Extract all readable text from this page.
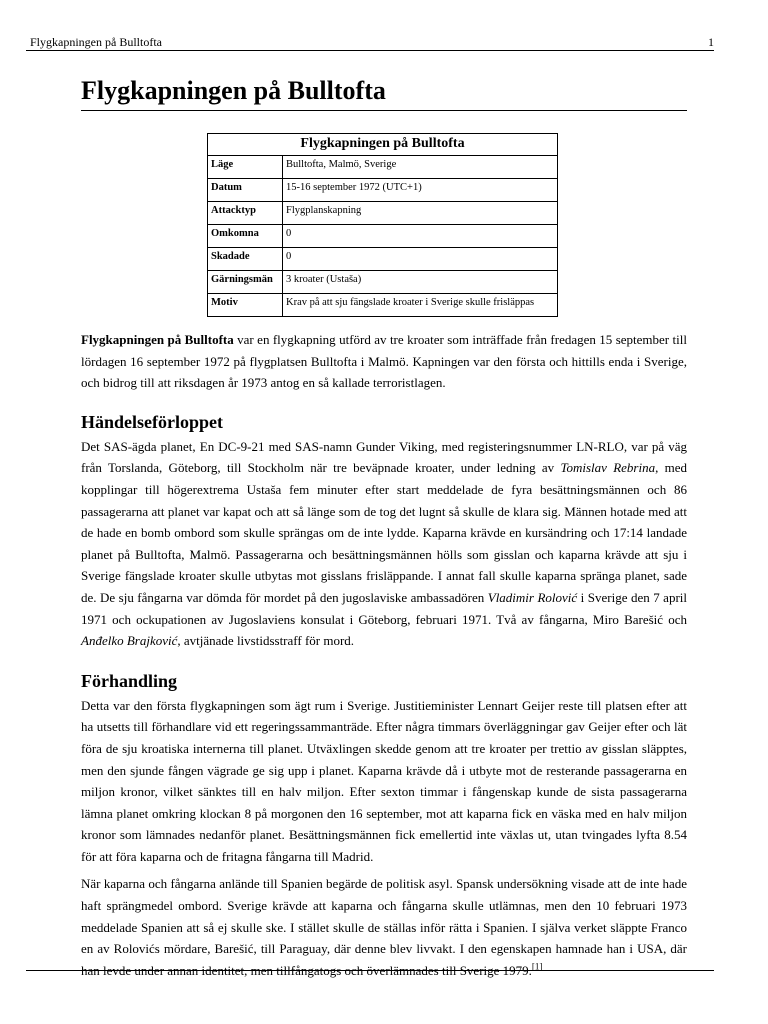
Flygkapningen på Bulltofta	1
Flygkapningen på Bulltofta
Flygkapningen på Bulltofta	
Läge	Bulltofta, Malmö, Sverige
Datum	15-16 september 1972 (UTC+1)
Attacktyp	Flygplanskapning
Omkomna	0
Skadade	0
Gärningsmän	3 kroater (Ustaša)
Motiv	Krav på att sju fängslade kroater i Sverige skulle frisläppas

Flygkapningen på Bulltofta var en flygkapning utförd av tre kroater som inträffade från fredagen 15 september till lördagen 16 september 1972 på flygplatsen Bulltofta i Malmö. Kapningen var den första och hittills enda i Sverige, och bidrog till att riksdagen år 1973 antog en så kallade terroristlagen.

Händelseförloppet

Det SAS-ägda planet, En DC-9-21 med SAS-namn Gunder Viking, med registeringsnummer LN-RLO, var på väg från Torslanda, Göteborg, till Stockholm när tre beväpnade kroater, under ledning av Tomislav Rebrina, med kopplingar till högerextrema Ustaša fem minuter efter start meddelade de fyra besättningsmännen och 86 passagerarna att planet var kapat och att så länge som de tog det lugnt så skulle de klara sig. Männen hotade med att de hade en bomb ombord som skulle sprängas om de inte lydde. Kaparna krävde en kursändring och 17:14 landade planet på Bulltofta, Malmö. Passagerarna och besättningsmännen hölls som gisslan och kaparna krävde att sju i Sverige fängslade kroater skulle utbytas mot gisslans frisläppande. I annat fall skulle kaparna spränga planet, sade de. De sju fångarna var dömda för mordet på den jugoslaviske ambassadören Vladimir Rolović i Sverige den 7 april 1971 och ockupationen av Jugoslaviens konsulat i Göteborg, februari 1971. Två av fångarna, Miro Barešić och Anđelko Brajković, avtjänade livstidsstraff för mord.

Förhandling

Detta var den första flygkapningen som ägt rum i Sverige. Justitieminister Lennart Geijer reste till platsen efter att ha utsetts till förhandlare vid ett regeringssammanträde. Efter några timmars överläggningar gav Geijer efter och lät föra de sju kroatiska internerna till planet. Utväxlingen skedde genom att tre kroater per trettio av gisslan släpptes, men den sjunde fången vägrade ge sig upp i planet. Kaparna krävde då i utbyte mot de resterande passagerarna en miljon kronor, vilket sänktes till en halv miljon. Efter sexton timmar i fångenskap kunde de sista passagerarna lämna planet omkring klockan 8 på morgonen den 16 september, mot att kaparna fick en väska med en halv miljon kronor som lämnades nedanför planet. Besättningsmännen fick emellertid inte växlas ut, utan tvingades lyfta 8.54 för att föra kaparna och de fritagna fångarna till Madrid.

När kaparna och fångarna anlände till Spanien begärde de politisk asyl. Spansk undersökning visade att de inte hade haft sprängmedel ombord. Sverige krävde att kaparna och fångarna skulle utlämnas, men den 10 februari 1973 meddelade Spanien att så ej skulle ske. I stället skulle de ställas inför rätta i Spanien. I själva verket släppte Franco en av Rolovićs mördare, Barešić, till Paraguay, där denne blev livvakt. I den egenskapen hamnade han i USA, där han levde under annan identitet, men tillfångatogs och överlämnades till Sverige 1979.[1]
